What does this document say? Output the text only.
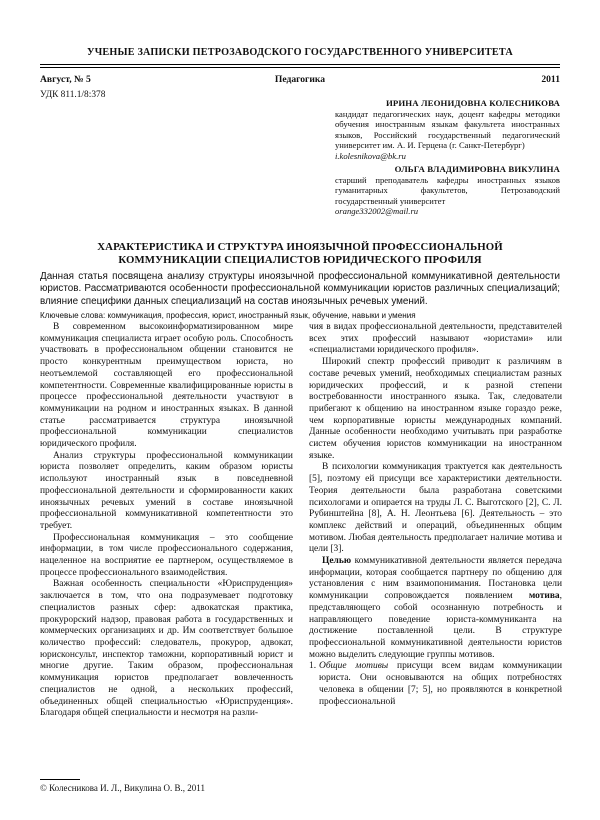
УЧЕНЫЕ ЗАПИСКИ ПЕТРОЗАВОДСКОГО ГОСУДАРСТВЕННОГО УНИВЕРСИТЕТА
Август, № 5	Педагогика	2011
УДК 811.1/8:378
ИРИНА ЛЕОНИДОВНА КОЛЕСНИКОВА
кандидат педагогических наук, доцент кафедры методики обучения иностранным языкам факультета иностранных языков, Российский государственный педагогический университет им. А. И. Герцена (г. Санкт-Петербург)
i.kolesnikova@bk.ru
ОЛЬГА ВЛАДИМИРОВНА ВИКУЛИНА
старший преподаватель кафедры иностранных языков гуманитарных факультетов, Петрозаводский государственный университет
orange332002@mail.ru
ХАРАКТЕРИСТИКА И СТРУКТУРА ИНОЯЗЫЧНОЙ ПРОФЕССИОНАЛЬНОЙ
КОММУНИКАЦИИ СПЕЦИАЛИСТОВ ЮРИДИЧЕСКОГО ПРОФИЛЯ

Данная статья посвящена анализу структуры иноязычной профессиональной коммуникативной деятельности юристов. Рассматриваются особенности профессиональной коммуникации юристов различных специализаций; влияние специфики данных специализаций на состав иноязычных речевых умений.

Ключевые слова: коммуникация, профессия, юрист, иностранный язык, обучение, навыки и умения

В современном высокоинформатизированном мире коммуникация специалиста играет особую роль. Способность участвовать в профессиональном общении становится не просто конкурентным преимуществом юриста, но неотъемлемой составляющей его профессиональной компетентности. Современные квалифицированные юристы в процессе профессиональной деятельности участвуют в коммуникации на родном и иностранных языках. В данной статье рассматривается структура иноязычной профессиональной коммуникации специалистов юридического профиля.

Анализ структуры профессиональной коммуникации юриста позволяет определить, каким образом юристы используют иностранный язык в повседневной профессиональной деятельности и сформированности каких иноязычных речевых умений в составе иноязычной профессиональной коммуникативной компетентности это требует.

Профессиональная коммуникация – это сообщение информации, в том числе профессионального содержания, нацеленное на восприятие ее партнером, осуществляемое в процессе профессионального взаимодействия.

Важная особенность специальности «Юриспруденция» заключается в том, что она подразумевает подготовку специалистов разных сфер: адвокатская практика, прокурорский надзор, правовая работа в государственных и коммерческих организациях и др. Им соответствует большое количество профессий: следователь, прокурор, адвокат, юрисконсульт, инспектор таможни, корпоративный юрист и многие другие. Таким образом, профессиональная коммуникация юристов предполагает вовлеченность специалистов не одной, а нескольких профессий, объединенных общей специальностью «Юриспруденция». Благодаря общей специальности и несмотря на разли-

чия в видах профессиональной деятельности, представителей всех этих профессий называют «юристами» или «специалистами юридического профиля».

Широкий спектр профессий приводит к различиям в составе речевых умений, необходимых специалистам разных юридических профессий, и к разной степени востребованности иностранного языка. Так, следователи прибегают к общению на иностранном языке гораздо реже, чем корпоративные юристы международных компаний. Данные особенности необходимо учитывать при разработке систем обучения юристов коммуникации на иностранном языке.

В психологии коммуникация трактуется как деятельность [5], поэтому ей присущи все характеристики деятельности. Теория деятельности была разработана советскими психологами и опирается на труды Л. С. Выготского [2], С. Л. Рубинштейна [8], А. Н. Леонтьева [6]. Деятельность – это комплекс действий и операций, объединенных общим мотивом. Любая деятельность предполагает наличие мотива и цели [3].

Целью коммуникативной деятельности является передача информации, которая сообщается партнеру по общению для установления с ним взаимопонимания. Постановка цели коммуникации сопровождается появлением мотива, представляющего собой осознанную потребность и направляющего поведение юриста-коммуниканта на достижение поставленной цели. В структуре профессиональной коммуникативной деятельности юристов можно выделить следующие группы мотивов.

1. Общие мотивы присущи всем видам коммуникации юриста. Они основываются на общих потребностях человека в общении [7; 5], но проявляются в конкретной профессиональной

© Колесникова И. Л., Викулина О. В., 2011
